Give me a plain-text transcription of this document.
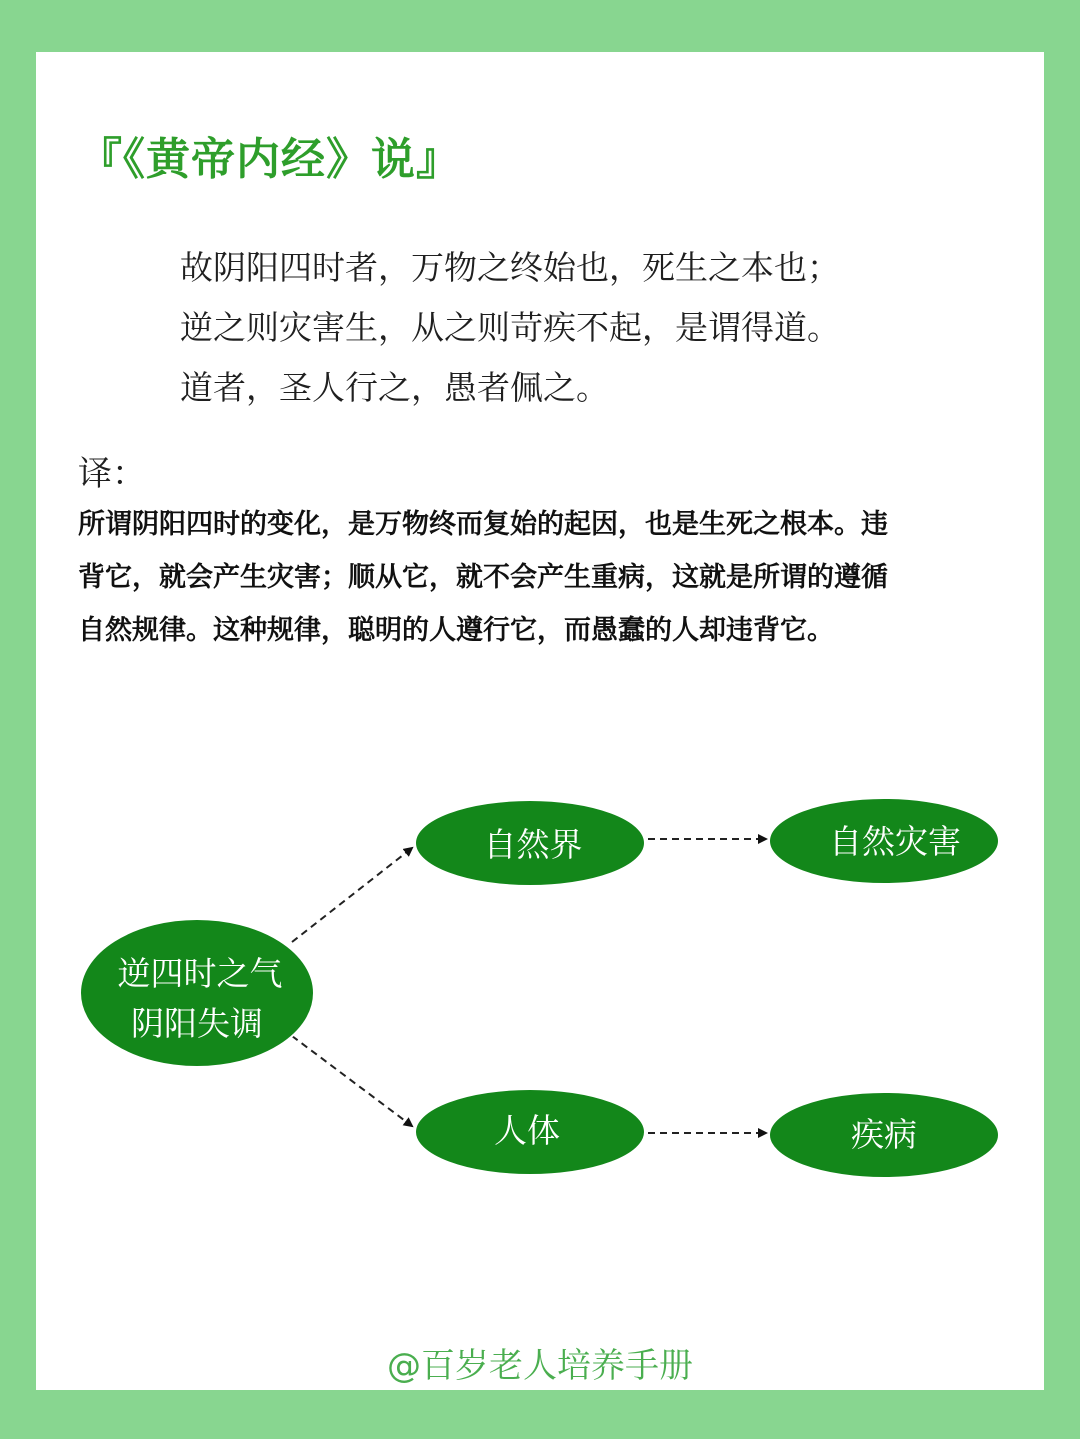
『《黄帝内经》说』
故阴阳四时者，万物之终始也，死生之本也；
逆之则灾害生，从之则苛疾不起，是谓得道。
道者，圣人行之，愚者佩之。
译：
所谓阴阳四时的变化，是万物终而复始的起因，也是生死之根本。违
背它，就会产生灾害；顺从它，就不会产生重病，这就是所谓的遵循
自然规律。这种规律，聪明的人遵行它，而愚蠢的人却违背它。
逆四时之气
阴阳失调
自然界	自然灾害
人体	疾病
@百岁老人培养手册
